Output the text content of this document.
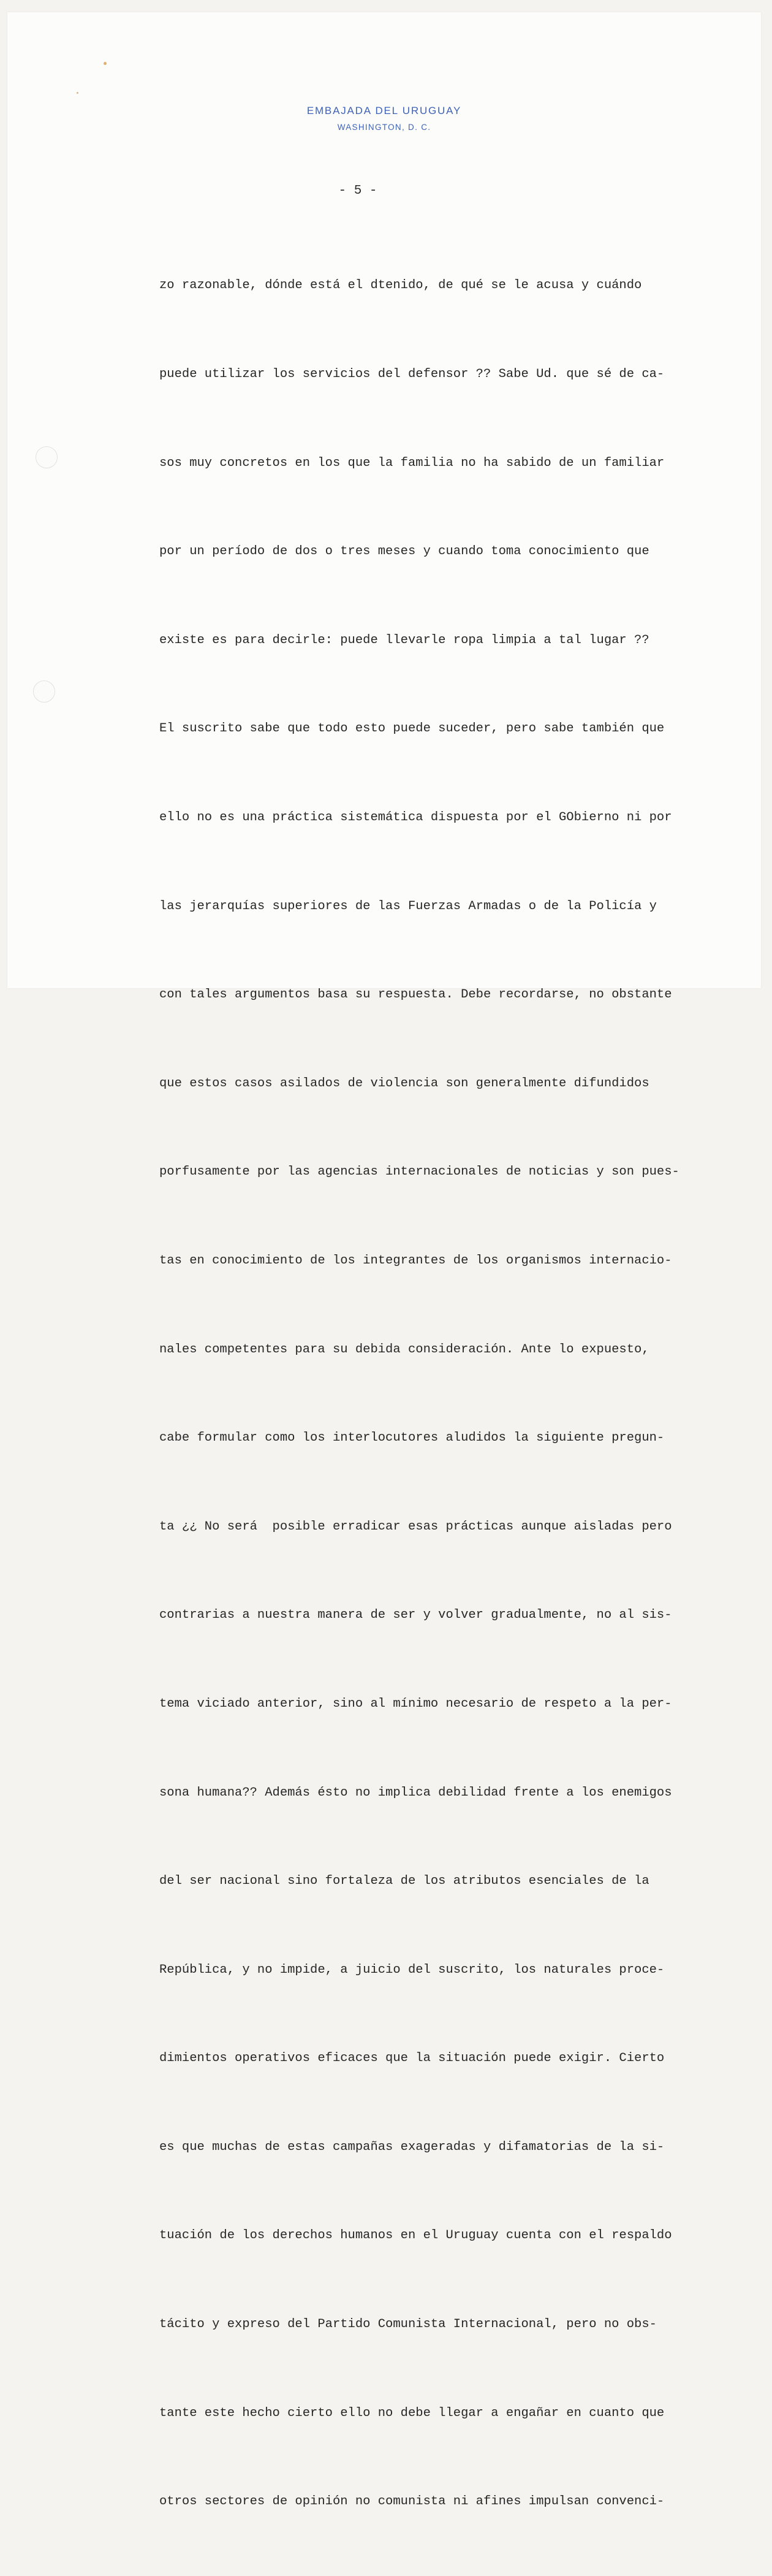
EMBAJADA DEL URUGUAY
WASHINGTON, D. C.
- 5 -

zo razonable, dónde está el dtenido, de qué se le acusa y cuándo

puede utilizar los servicios del defensor ?? Sabe Ud. que sé de ca-

sos muy concretos en los que la familia no ha sabido de un familiar

por un período de dos o tres meses y cuando toma conocimiento que

existe es para decirle: puede llevarle ropa limpia a tal lugar ??

El suscrito sabe que todo esto puede suceder, pero sabe también que

ello no es una práctica sistemática dispuesta por el GObierno ni por

las jerarquías superiores de las Fuerzas Armadas o de la Policía y

con tales argumentos basa su respuesta. Debe recordarse, no obstante

que estos casos asilados de violencia son generalmente difundidos

porfusamente por las agencias internacionales de noticias y son pues-

tas en conocimiento de los integrantes de los organismos internacio-

nales competentes para su debida consideración. Ante lo expuesto,

cabe formular como los interlocutores aludidos la siguiente pregun-

ta ¿¿ No será  posible erradicar esas prácticas aunque aisladas pero

contrarias a nuestra manera de ser y volver gradualmente, no al sis-

tema viciado anterior, sino al mínimo necesario de respeto a la per-

sona humana?? Además ésto no implica debilidad frente a los enemigos

del ser nacional sino fortaleza de los atributos esenciales de la

República, y no impide, a juicio del suscrito, los naturales proce-

dimientos operativos eficaces que la situación puede exigir. Cierto

es que muchas de estas campañas exageradas y difamatorias de la si-

tuación de los derechos humanos en el Uruguay cuenta con el respaldo

tácito y expreso del Partido Comunista Internacional, pero no obs-

tante este hecho cierto ello no debe llegar a engañar en cuanto que

otros sectores de opinión no comunista ni afines impulsan convenci-
